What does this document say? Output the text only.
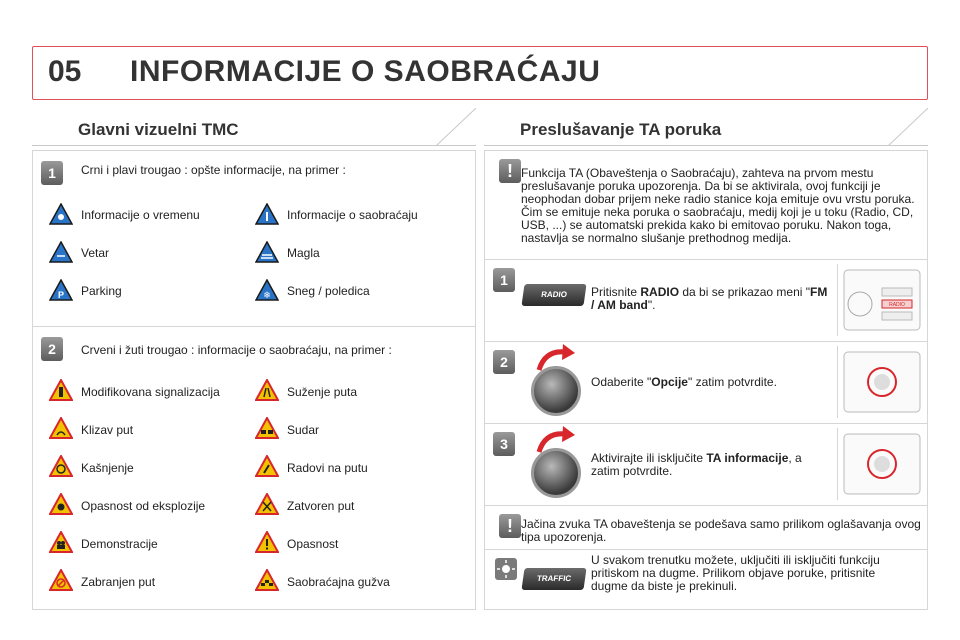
05 INFORMACIJE O SAOBRAĆAJU
Glavni vizuelni TMC
1	Crni i plavi trougao : opšte informacije, na primer :
Informacije o vremenu	Informacije o saobraćaju
Vetar	Magla
P Parking	❄ Sneg / poledica
2	Crveni i žuti trougao : informacije o saobraćaju, na primer :
Modifikovana signalizacija	Suženje puta
Klizav put	Sudar
Kašnjenje	Radovi na putu
Opasnost od eksplozije	Zatvoren put
Demonstracije	Opasnost
Zabranjen put	Saobraćajna gužva
Preslušavanje TA poruka
! Funkcija TA (Obaveštenja o Saobraćaju), zahteva na prvom mestu preslušavanje poruka upozorenja. Da bi se aktivirala, ovoj funkciji je neophodan dobar prijem neke radio stanice koja emituje ovu vrstu poruka. Čim se emituje neka poruka o saobraćaju, medij koji je u toku (Radio, CD, USB, ...) se automatski prekida kako bi emitovao poruku. Nakon toga, nastavlja se normalno slušanje prethodnog medija.
1
RADIO	Pritisnite RADIO da bi se prikazao meni "FM / AM band".	RADIO
2
Odaberite "Opcije" zatim potvrdite.
3
Aktivirajte ili isključite TA informacije, a zatim potvrdite.
! Jačina zvuka TA obaveštenja se podešava samo prilikom oglašavanja ovog tipa upozorenja.
TRAFFIC
U svakom trenutku možete, uključiti ili isključiti funkciju pritiskom na dugme. Prilikom objave poruke, pritisnite dugme da biste je prekinuli.
